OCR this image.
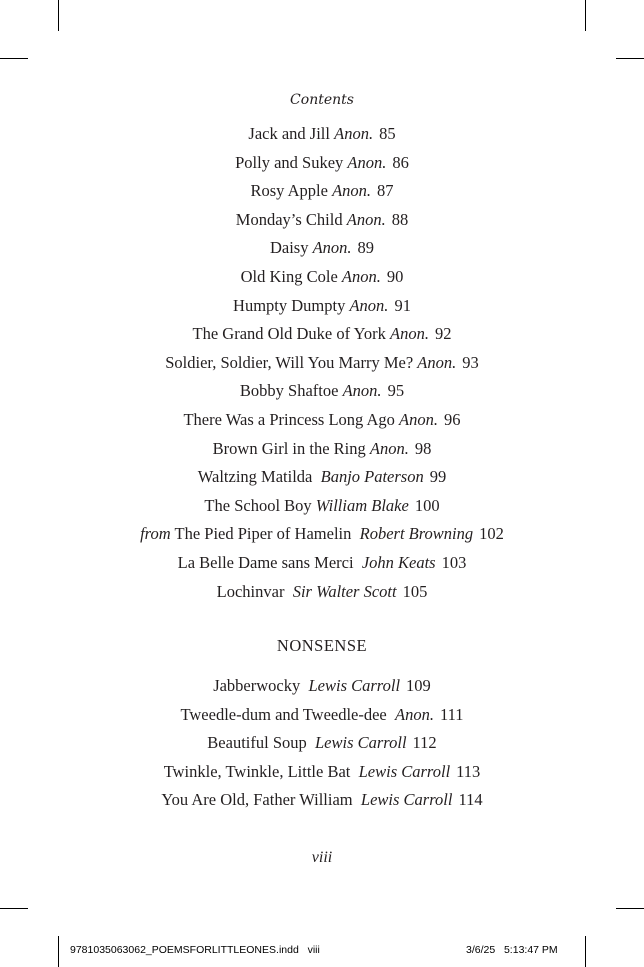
Contents
Jack and Jill Anon. 85
Polly and Sukey Anon. 86
Rosy Apple Anon. 87
Monday’s Child Anon. 88
Daisy Anon. 89
Old King Cole Anon. 90
Humpty Dumpty Anon. 91
The Grand Old Duke of York Anon. 92
Soldier, Soldier, Will You Marry Me? Anon. 93
Bobby Shaftoe Anon. 95
There Was a Princess Long Ago Anon. 96
Brown Girl in the Ring Anon. 98
Waltzing Matilda Banjo Paterson 99
The School Boy William Blake 100
from The Pied Piper of Hamelin Robert Browning 102
La Belle Dame sans Merci John Keats 103
Lochinvar Sir Walter Scott 105
NONSENSE
Jabberwocky Lewis Carroll 109
Tweedle-dum and Tweedle-dee Anon. 111
Beautiful Soup Lewis Carroll 112
Twinkle, Twinkle, Little Bat Lewis Carroll 113
You Are Old, Father William Lewis Carroll 114
viii
9781035063062_POEMSFORLITTLEONES.indd viii	3/6/25 5:13:47 PM
